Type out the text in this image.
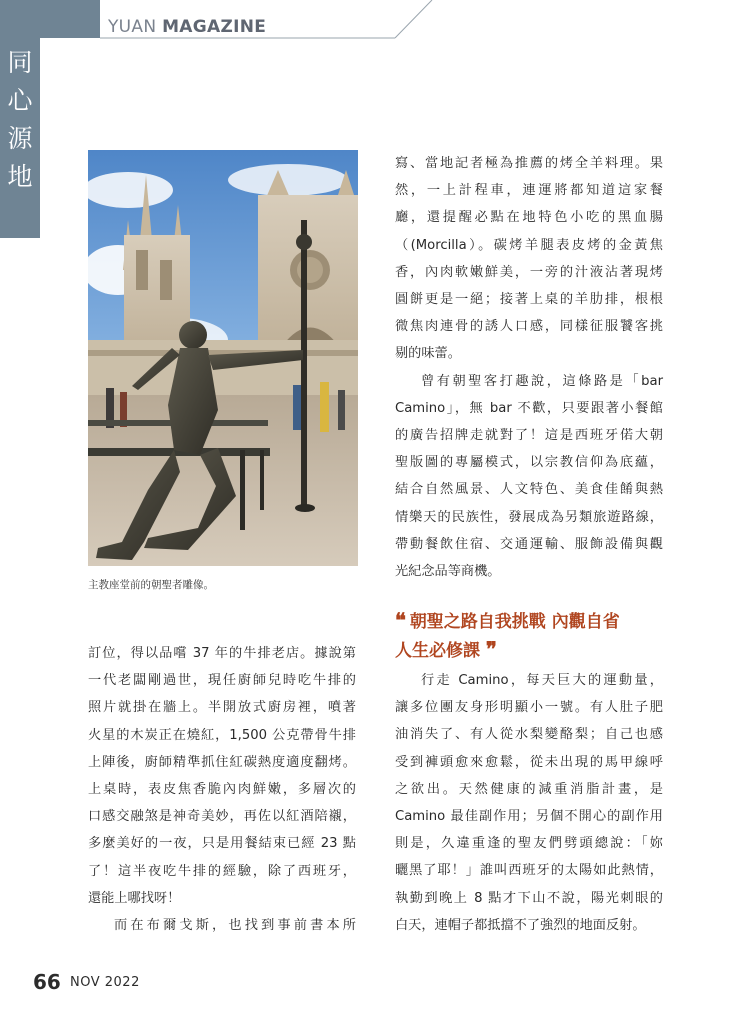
YUAN MAGAZINE
同
心
源
地
主教座堂前的朝聖者雕像。

寫、當地記者極為推薦的烤全羊料理。果
然，一上計程車，連運將都知道這家餐
廳，還提醒必點在地特色小吃的黑血腸
（(Morcilla）。碳烤羊腿表皮烤的金黃焦
香，內肉軟嫩鮮美，一旁的汁液沾著現烤
圓餅更是一絕；接著上桌的羊肋排，根根
微焦肉連骨的誘人口感，同樣征服饕客挑
剔的味蕾。

曾有朝聖客打趣說，這條路是「bar
Camino」，無 bar 不歡，只要跟著小餐館
的廣告招牌走就對了！這是西班牙偌大朝
聖版圖的專屬模式，以宗教信仰為底蘊，
結合自然風景、人文特色、美食佳餚與熱
情樂天的民族性，發展成為另類旅遊路線，
帶動餐飲住宿、交通運輸、服飾設備與觀
光紀念品等商機。

❛❛ 朝聖之路自我挑戰 內觀自省
人生必修課 ❜❜

訂位，得以品嚐 37 年的牛排老店。據說第
一代老闆剛過世，現任廚師兒時吃牛排的
照片就掛在牆上。半開放式廚房裡，噴著
火星的木炭正在燒紅，1,500 公克帶骨牛排
上陣後，廚師精準抓住紅碳熱度適度翻烤。
上桌時，表皮焦香脆內肉鮮嫩，多層次的
口感交融煞是神奇美妙，再佐以紅酒陪襯，
多麼美好的一夜，只是用餐結束已經 23 點
了！這半夜吃牛排的經驗，除了西班牙，
還能上哪找呀！

而在布爾戈斯，也找到事前書本所

行走 Camino，每天巨大的運動量，
讓多位團友身形明顯小一號。有人肚子肥
油消失了、有人從水梨變酪梨；自己也感
受到褲頭愈來愈鬆，從未出現的馬甲線呼
之欲出。天然健康的減重消脂計畫，是
Camino 最佳副作用；另個不開心的副作用
則是，久違重逢的聖友們劈頭總說：「妳
曬黑了耶！」誰叫西班牙的太陽如此熱情，
執勤到晚上 8 點才下山不說，陽光刺眼的
白天，連帽子都抵擋不了強烈的地面反射。

66 NOV 2022
